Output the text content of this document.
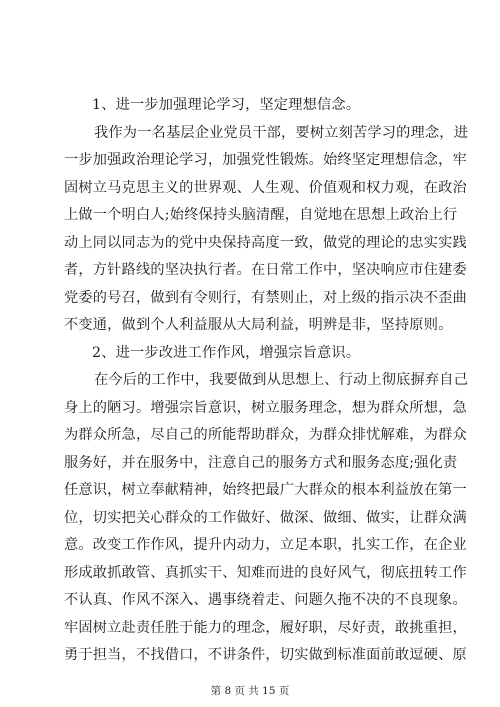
1、进一步加强理论学习，坚定理想信念。
我作为一名基层企业党员干部，要树立刻苦学习的理念，进
一步加强政治理论学习，加强党性锻炼。始终坚定理想信念，牢
固树立马克思主义的世界观、人生观、价值观和权力观，在政治
上做一个明白人;始终保持头脑清醒，自觉地在思想上政治上行
动上同以同志为的党中央保持高度一致，做党的理论的忠实实践
者，方针路线的坚决执行者。在日常工作中，坚决响应市住建委
党委的号召，做到有令则行，有禁则止，对上级的指示决不歪曲
不变通，做到个人利益服从大局利益，明辨是非，坚持原则。
2、进一步改进工作作风，增强宗旨意识。
在今后的工作中，我要做到从思想上、行动上彻底摒弃自己
身上的陋习。增强宗旨意识，树立服务理念，想为群众所想，急
为群众所急，尽自己的所能帮助群众，为群众排忧解难，为群众
服务好，并在服务中，注意自己的服务方式和服务态度;强化责
任意识，树立奉献精神，始终把最广大群众的根本利益放在第一
位，切实把关心群众的工作做好、做深、做细、做实，让群众满
意。改变工作作风，提升内动力，立足本职，扎实工作，在企业
形成敢抓敢管、真抓实干、知难而进的良好风气，彻底扭转工作
不认真、作风不深入、遇事绕着走、问题久拖不决的不良现象。
牢固树立赴责任胜于能力的理念，履好职，尽好责，敢挑重担，
勇于担当，不找借口，不讲条件，切实做到标准面前敢逗硬、原
第 8 页 共 15 页
